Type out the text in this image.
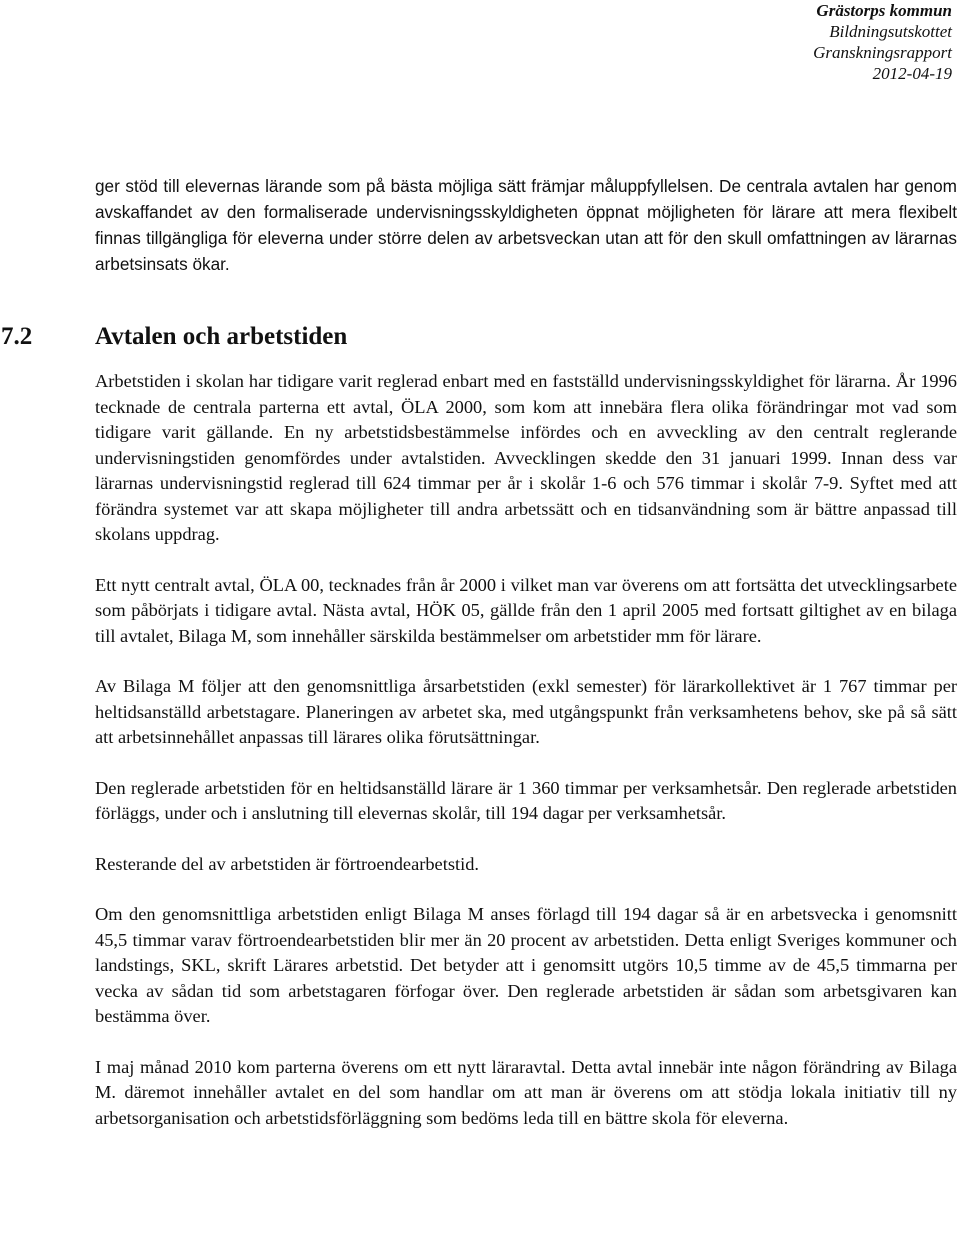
Grästorps kommun
Bildningsutskottet
Granskningsrapport
2012-04-19

ger stöd till elevernas lärande som på bästa möjliga sätt främjar måluppfyllelsen. De centrala avtalen har genom avskaffandet av den formaliserade undervisningsskyldigheten öppnat möjligheten för lärare att mera flexibelt finnas tillgängliga för eleverna under större delen av arbetsveckan utan att för den skull omfattningen av lärarnas arbetsinsats ökar.

7.2	Avtalen och arbetstiden

Arbetstiden i skolan har tidigare varit reglerad enbart med en fastställd undervisningsskyldighet för lärarna. År 1996 tecknade de centrala parterna ett avtal, ÖLA 2000, som kom att innebära flera olika förändringar mot vad som tidigare varit gällande. En ny arbetstidsbestämmelse infördes och en avveckling av den centralt reglerande undervisningstiden genomfördes under avtalstiden. Avvecklingen skedde den 31 januari 1999. Innan dess var lärarnas undervisningstid reglerad till 624 timmar per år i skolår 1-6 och 576 timmar i skolår 7-9. Syftet med att förändra systemet var att skapa möjligheter till andra arbetssätt och en tidsanvändning som är bättre anpassad till skolans uppdrag.

Ett nytt centralt avtal, ÖLA 00, tecknades från år 2000 i vilket man var överens om att fortsätta det utvecklingsarbete som påbörjats i tidigare avtal. Nästa avtal, HÖK 05, gällde från den 1 april 2005 med fortsatt giltighet av en bilaga till avtalet, Bilaga M, som innehåller särskilda bestämmelser om arbetstider mm för lärare.

Av Bilaga M följer att den genomsnittliga årsarbetstiden (exkl semester) för lärarkollektivet är 1 767 timmar per heltidsanställd arbetstagare. Planeringen av arbetet ska, med utgångspunkt från verksamhetens behov, ske på så sätt att arbetsinnehållet anpassas till lärares olika förutsättningar.

Den reglerade arbetstiden för en heltidsanställd lärare är 1 360 timmar per verksamhetsår. Den reglerade arbetstiden förläggs, under och i anslutning till elevernas skolår, till 194 dagar per verksamhetsår.

Resterande del av arbetstiden är förtroendearbetstid.

Om den genomsnittliga arbetstiden enligt Bilaga M anses förlagd till 194 dagar så är en arbetsvecka i genomsnitt 45,5 timmar varav förtroendearbetstiden blir mer än 20 procent av arbetstiden. Detta enligt Sveriges kommuner och landstings, SKL, skrift Lärares arbetstid. Det betyder att i genomsitt utgörs 10,5 timme av de 45,5 timmarna per vecka av sådan tid som arbetstagaren förfogar över. Den reglerade arbetstiden är sådan som arbetsgivaren kan bestämma över.

I maj månad 2010 kom parterna överens om ett nytt läraravtal. Detta avtal innebär inte någon förändring av Bilaga M. däremot innehåller avtalet en del som handlar om att man är överens om att stödja lokala initiativ till ny arbetsorganisation och arbetstidsförläggning som bedöms leda till en bättre skola för eleverna.
